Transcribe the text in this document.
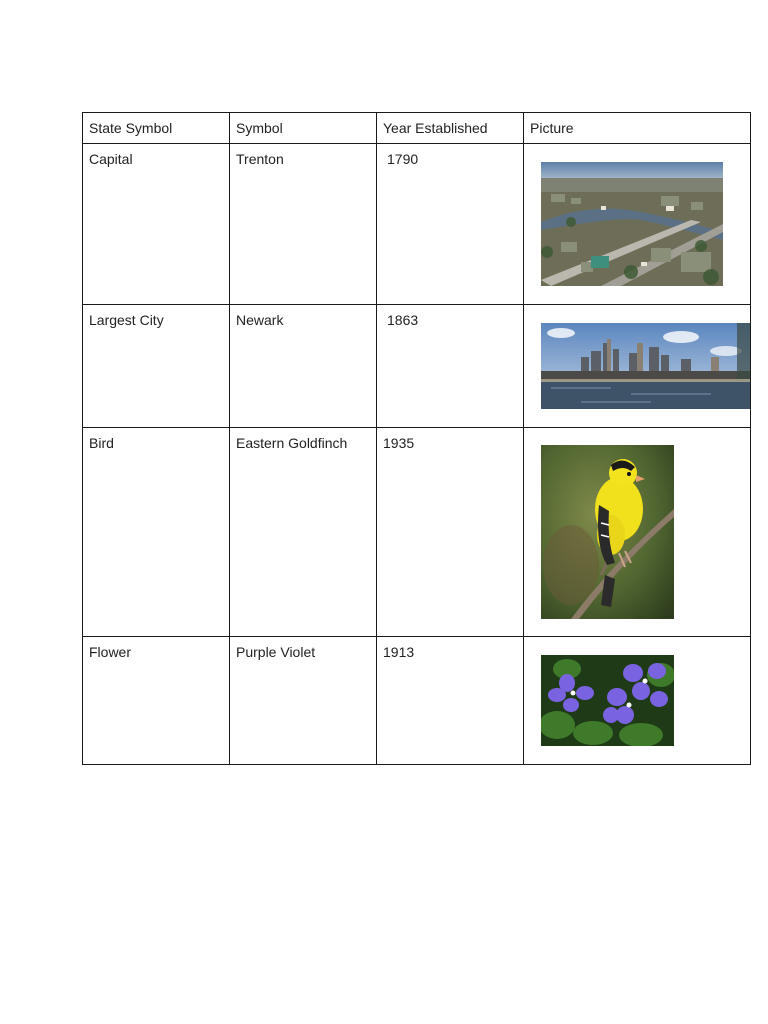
State Symbol	Symbol	Year Established	Picture
Capital	Trenton	1790	

Largest City	Newark	1863	

Bird	Eastern Goldfinch	1935	

Flower	Purple Violet	1913	
